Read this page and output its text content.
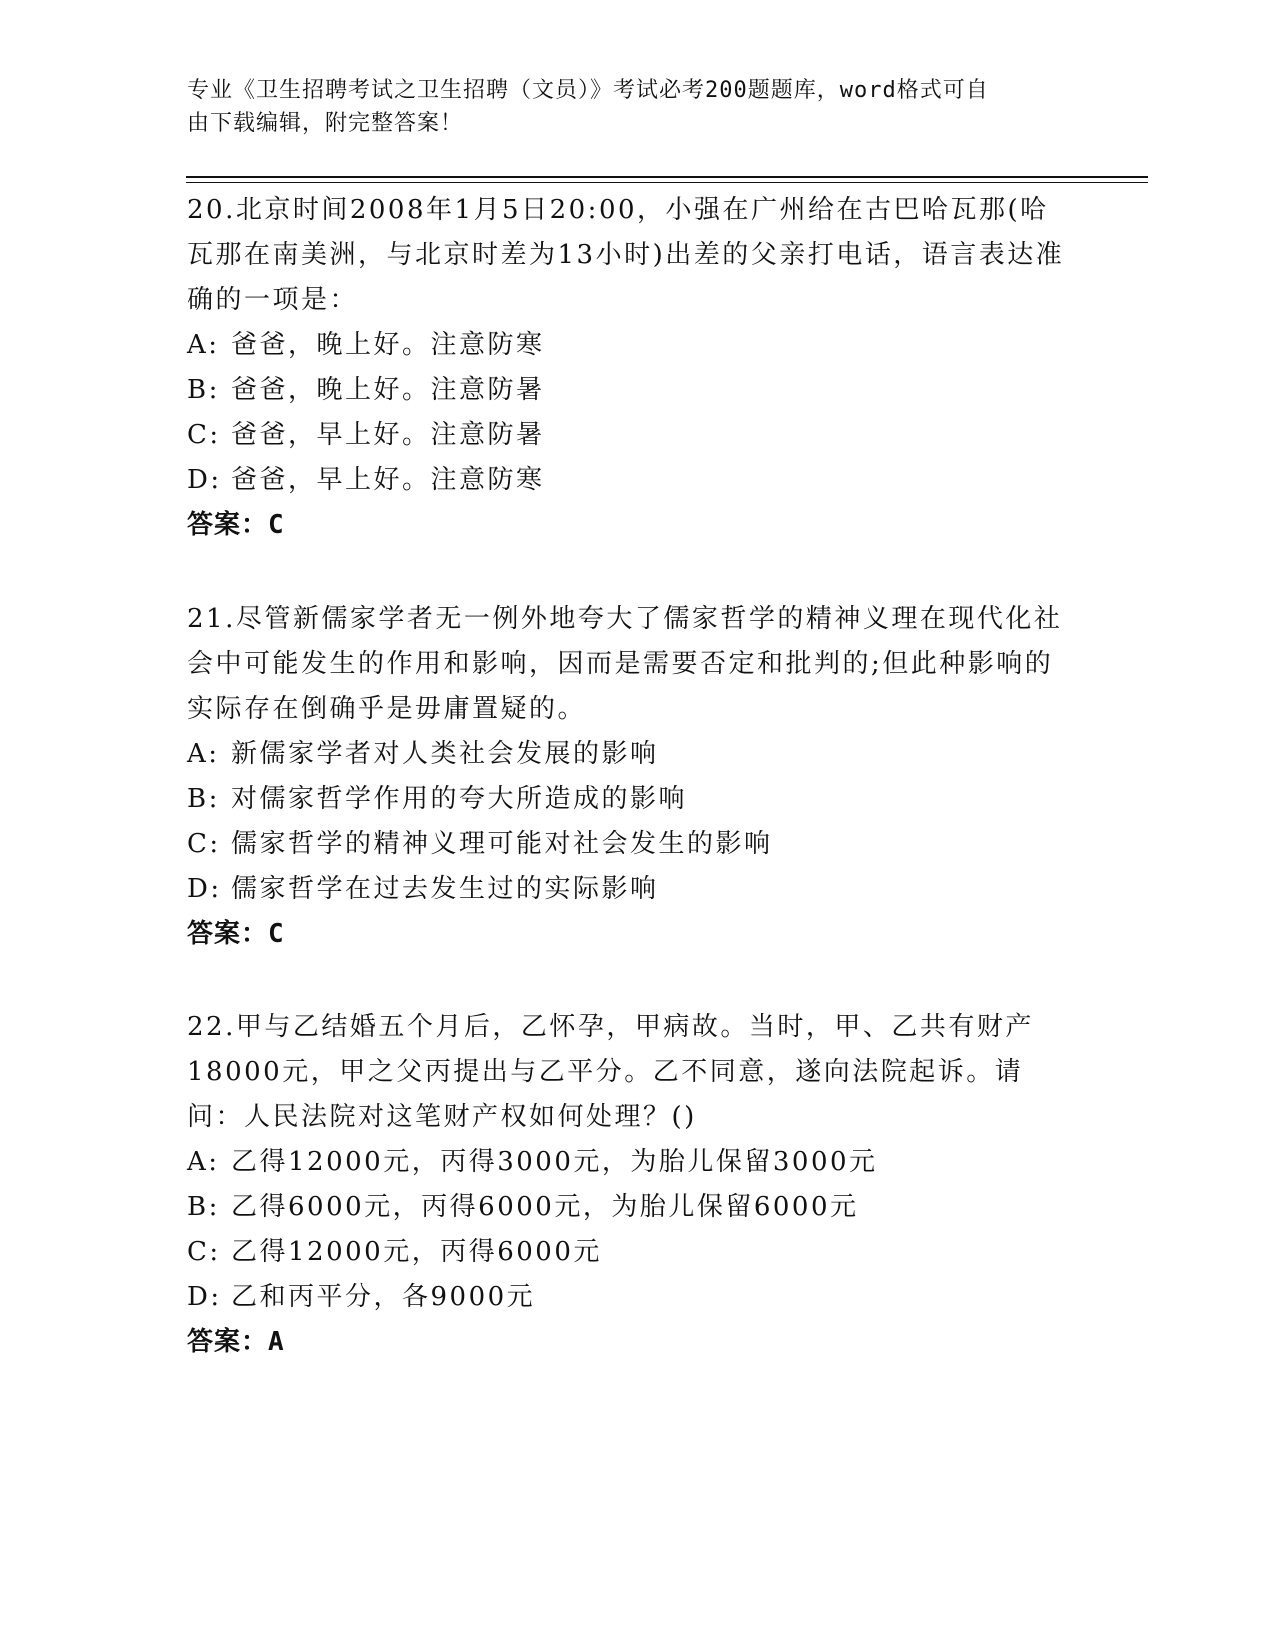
专业《卫生招聘考试之卫生招聘（文员）》考试必考200题题库，word格式可自
由下载编辑，附完整答案！

20.北京时间2008年1月5日20:00，小强在广州给在古巴哈瓦那(哈瓦那在南美洲，与北京时差为13小时)出差的父亲打电话，语言表达准确的一项是：

A: 爸爸，晚上好。注意防寒
B: 爸爸，晚上好。注意防暑
C: 爸爸，早上好。注意防暑
D: 爸爸，早上好。注意防寒
答案：C

21.尽管新儒家学者无一例外地夸大了儒家哲学的精神义理在现代化社会中可能发生的作用和影响，因而是需要否定和批判的;但此种影响的实际存在倒确乎是毋庸置疑的。

A: 新儒家学者对人类社会发展的影响
B: 对儒家哲学作用的夸大所造成的影响
C: 儒家哲学的精神义理可能对社会发生的影响
D: 儒家哲学在过去发生过的实际影响
答案：C

22.甲与乙结婚五个月后，乙怀孕，甲病故。当时，甲、乙共有财产18000元，甲之父丙提出与乙平分。乙不同意，遂向法院起诉。请问：人民法院对这笔财产权如何处理？()

A: 乙得12000元，丙得3000元，为胎儿保留3000元
B: 乙得6000元，丙得6000元，为胎儿保留6000元
C: 乙得12000元，丙得6000元
D: 乙和丙平分，各9000元
答案：A
